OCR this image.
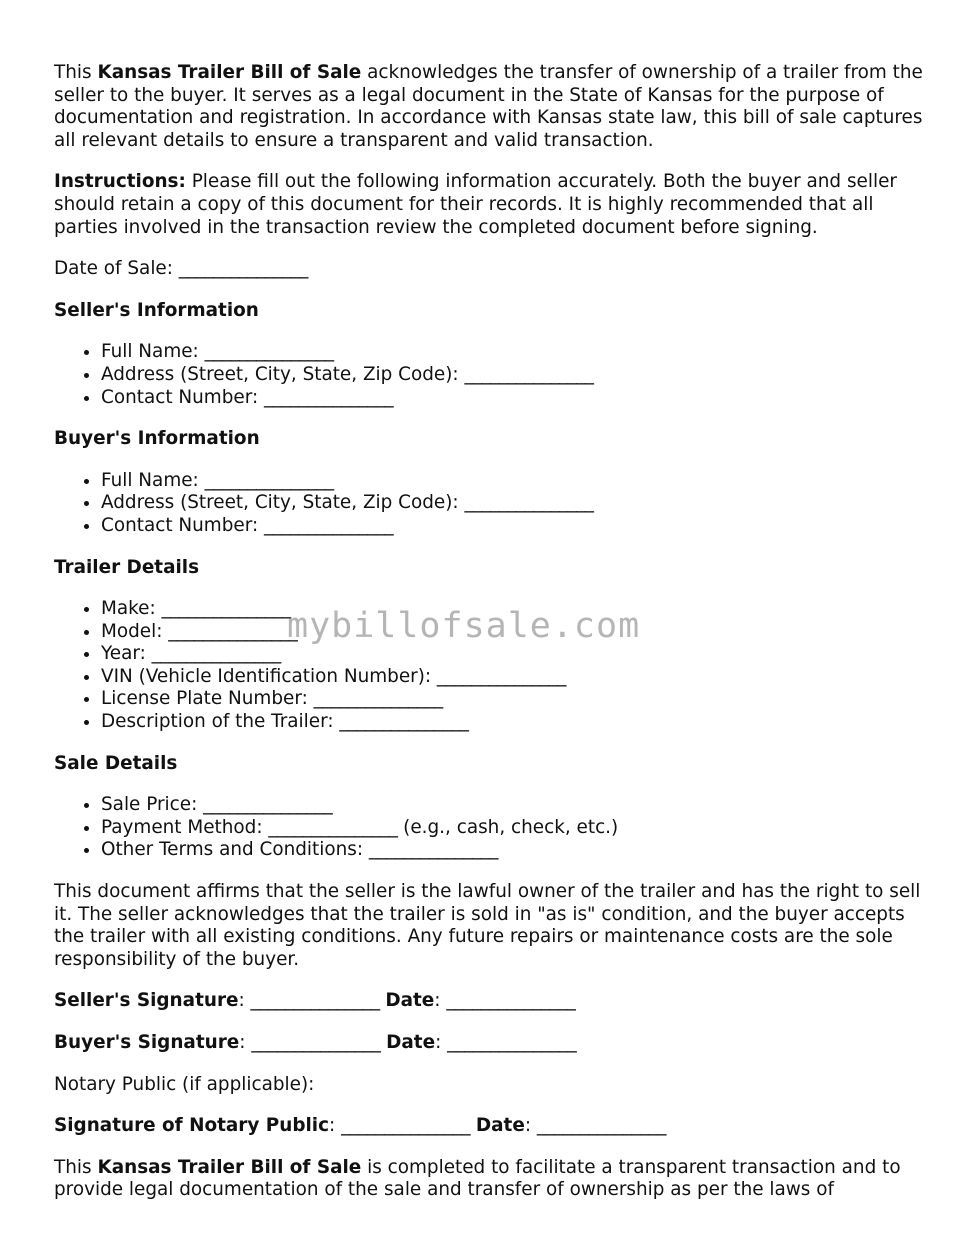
This Kansas Trailer Bill of Sale acknowledges the transfer of ownership of a trailer from the seller to the buyer. It serves as a legal document in the State of Kansas for the purpose of documentation and registration. In accordance with Kansas state law, this bill of sale captures all relevant details to ensure a transparent and valid transaction.

Instructions: Please fill out the following information accurately. Both the buyer and seller should retain a copy of this document for their records. It is highly recommended that all parties involved in the transaction review the completed document before signing.

Date of Sale: _______________

Seller's Information

• Full Name: _______________
• Address (Street, City, State, Zip Code): _______________
• Contact Number: _______________

Buyer's Information

• Full Name: _______________
• Address (Street, City, State, Zip Code): _______________
• Contact Number: _______________

Trailer Details

• Make: _______________
• Model: _______________
• Year: _______________
• VIN (Vehicle Identification Number): _______________
• License Plate Number: _______________
• Description of the Trailer: _______________

Sale Details

• Sale Price: _______________
• Payment Method: _______________ (e.g., cash, check, etc.)
• Other Terms and Conditions: _______________

This document affirms that the seller is the lawful owner of the trailer and has the right to sell it. The seller acknowledges that the trailer is sold in "as is" condition, and the buyer accepts the trailer with all existing conditions. Any future repairs or maintenance costs are the sole responsibility of the buyer.

Seller's Signature: _______________ Date: _______________

Buyer's Signature: _______________ Date: _______________

Notary Public (if applicable):

Signature of Notary Public: _______________ Date: _______________

This Kansas Trailer Bill of Sale is completed to facilitate a transparent transaction and to provide legal documentation of the sale and transfer of ownership as per the laws of

mybillofsale.com
